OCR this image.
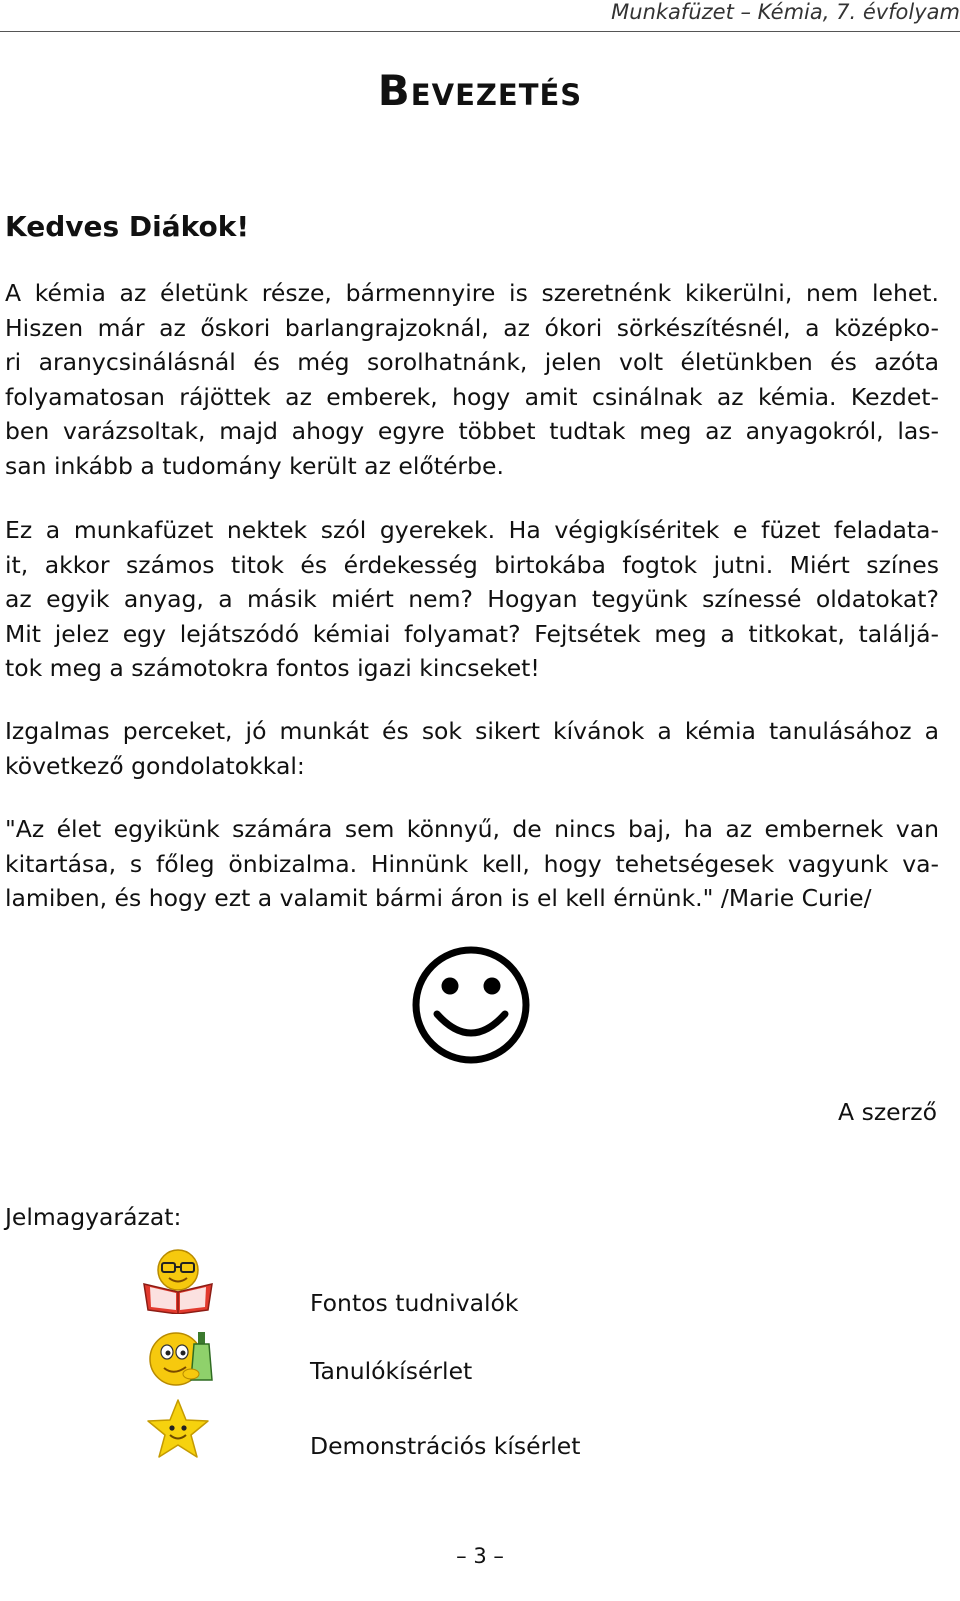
Munkafüzet – Kémia, 7. évfolyam
Bevezetés
Kedves Diákok!
A kémia az életünk része, bármennyire is szeretnénk kikerülni, nem lehet.
Hiszen már az őskori barlangrajzoknál, az ókori sörkészítésnél, a középko-
ri aranycsinálásnál és még sorolhatnánk, jelen volt életünkben és azóta
folyamatosan rájöttek az emberek, hogy amit csinálnak az kémia. Kezdet-
ben varázsoltak, majd ahogy egyre többet tudtak meg az anyagokról, las-
san inkább a tudomány került az előtérbe.
Ez a munkafüzet nektek szól gyerekek. Ha végigkíséritek e füzet feladata-
it, akkor számos titok és érdekesség birtokába fogtok jutni. Miért színes
az egyik anyag, a másik miért nem? Hogyan tegyünk színessé oldatokat?
Mit jelez egy lejátszódó kémiai folyamat? Fejtsétek meg a titkokat, találjá-
tok meg a számotokra fontos igazi kincseket!
Izgalmas perceket, jó munkát és sok sikert kívánok a kémia tanulásához a
következő gondolatokkal:
"Az élet egyikünk számára sem könnyű, de nincs baj, ha az embernek van
kitartása, s főleg önbizalma. Hinnünk kell, hogy tehetségesek vagyunk va-
lamiben, és hogy ezt a valamit bármi áron is el kell érnünk." /Marie Curie/
A szerző
Jelmagyarázat:
Fontos tudnivalók
Tanulókísérlet
Demonstrációs kísérlet
– 3 –
